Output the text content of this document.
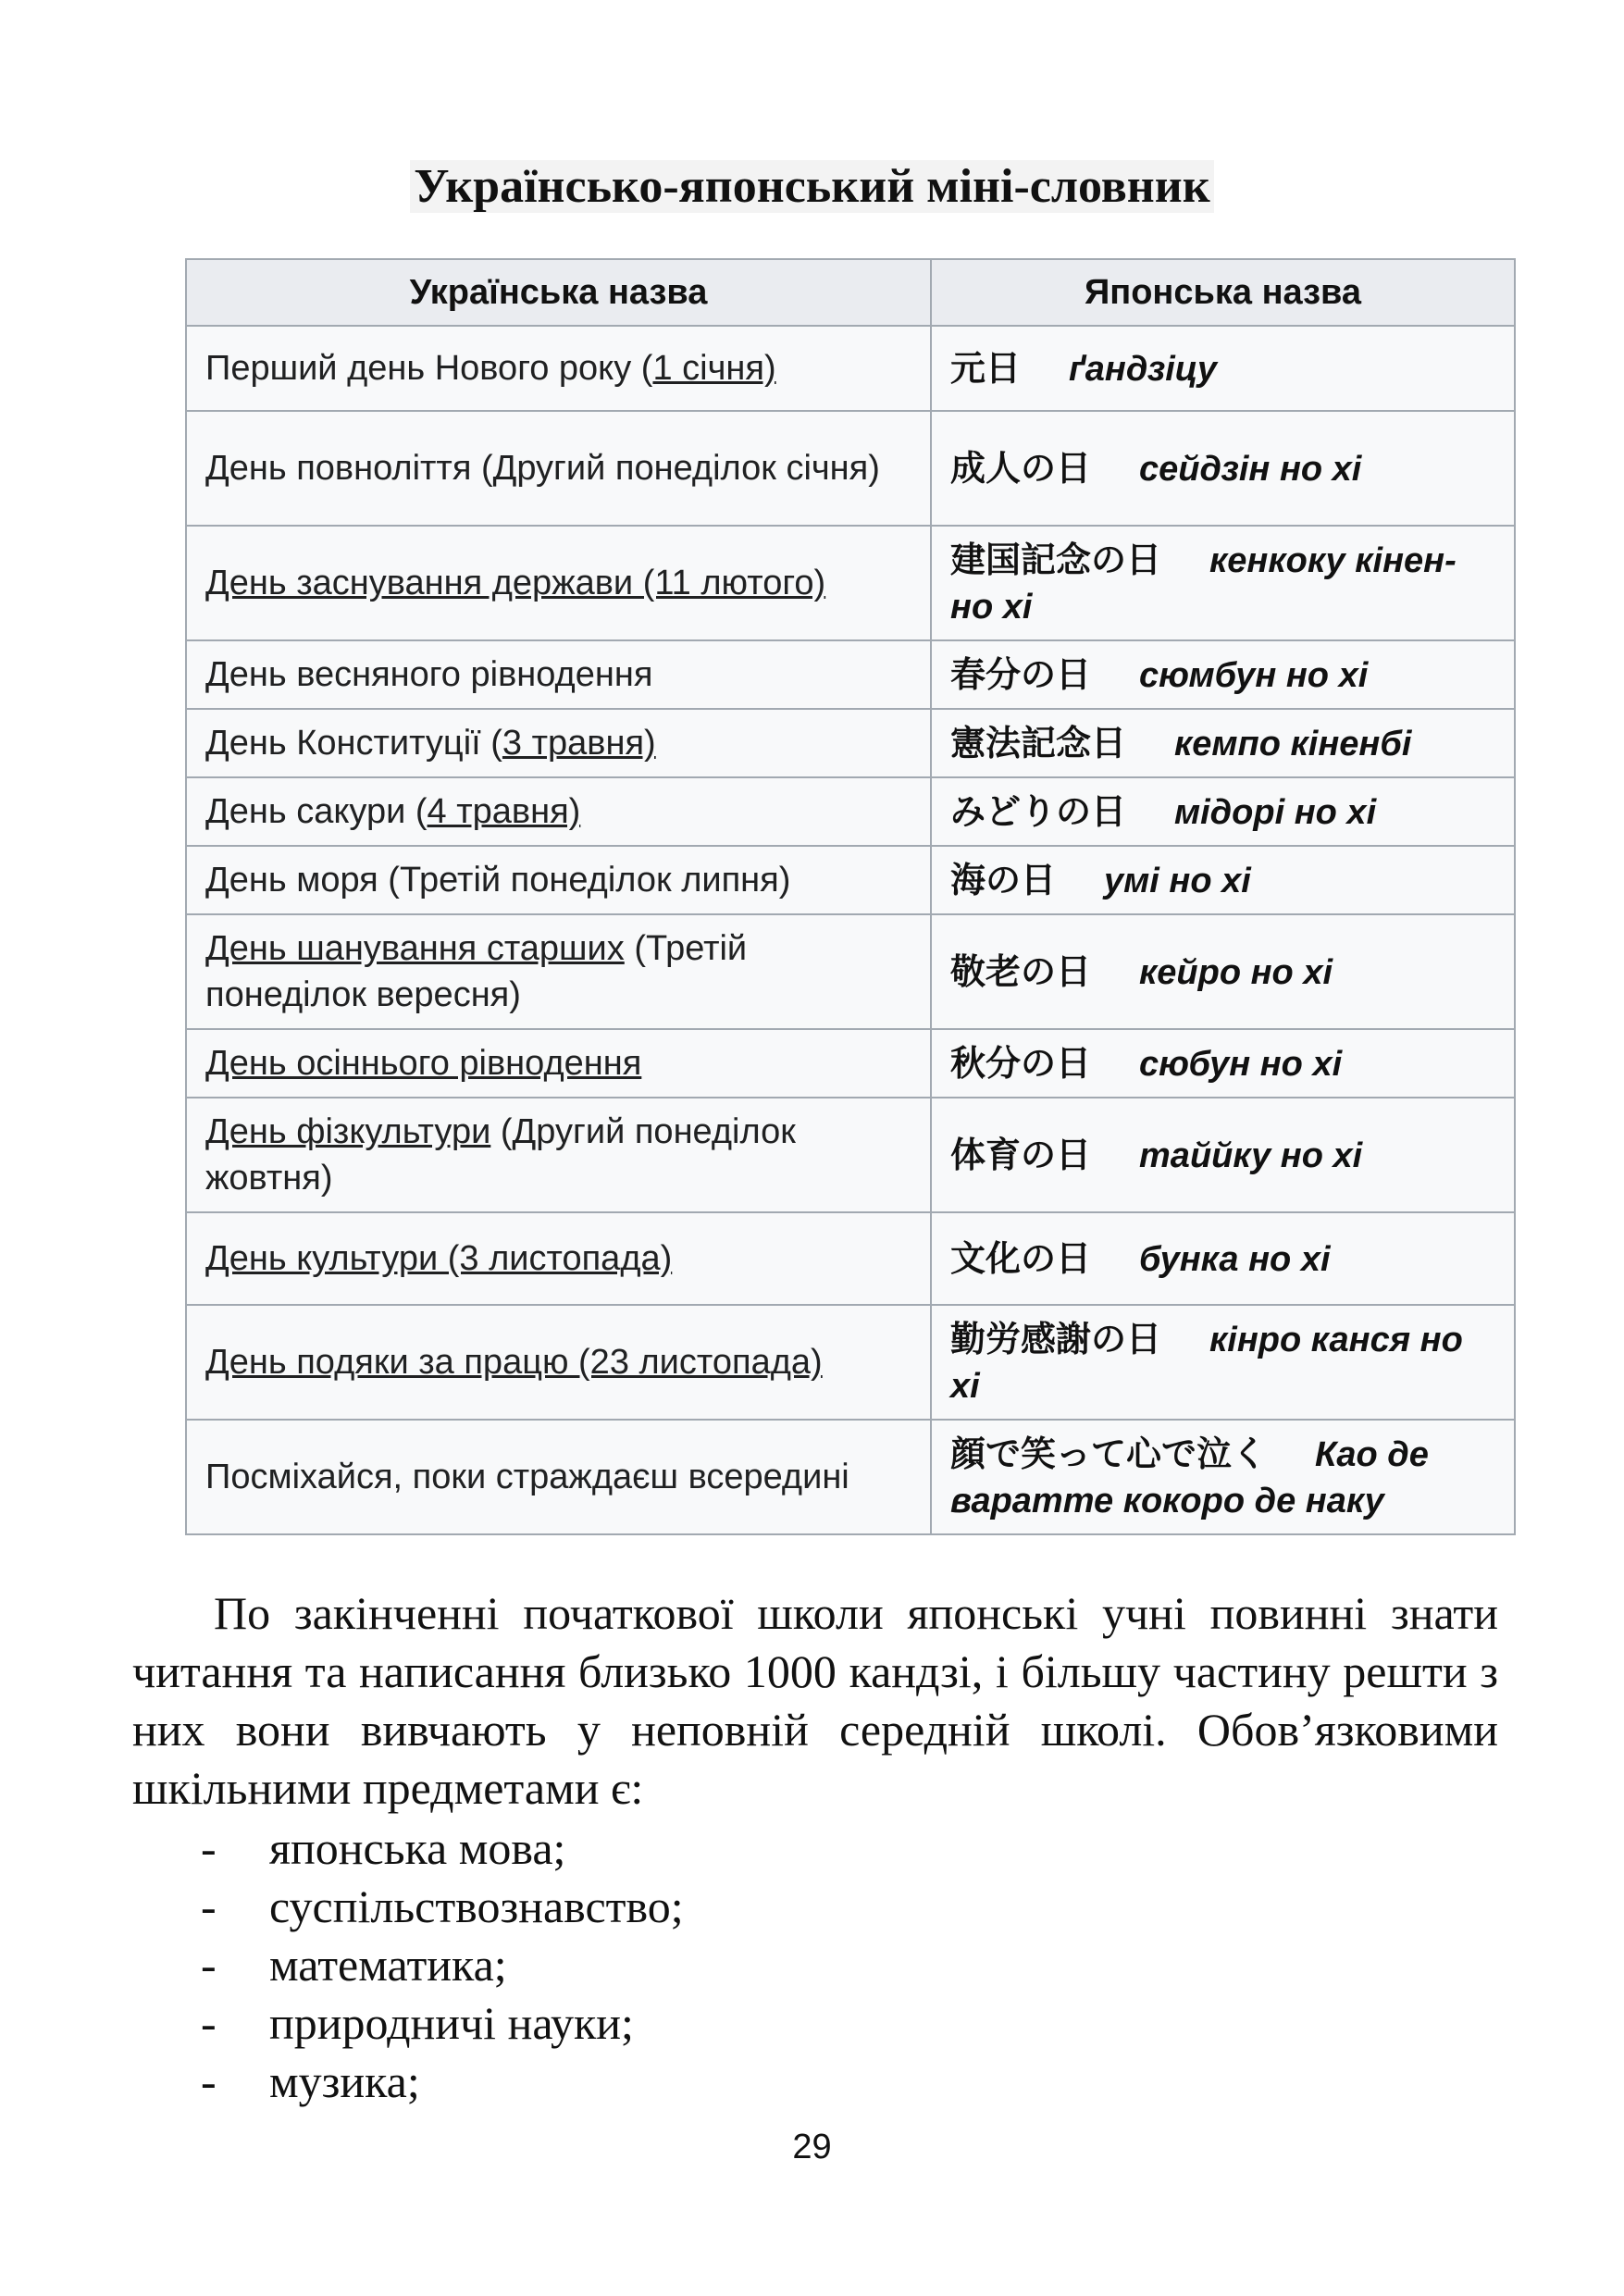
Українсько-японський міні-словник
Українська назва	Японська назва
Перший день Нового року (1 січня)	元日 ґандзіцу
День повноліття (Другий понеділок січня)	成人の日 сейдзін но хі
День заснування держави (11 лютого)	建国記念の日 кенкоку кінен-но хі
День весняного рівнодення	春分の日 сюмбун но хі
День Конституції (3 травня)	憲法記念日 кемпо кіненбі
День сакури (4 травня)	みどりの日 мідорі но хі
День моря (Третій понеділок липня)	海の日 умі но хі
День шанування старших (Третій понеділок вересня)	敬老の日 кейро но хі
День осіннього рівнодення	秋分の日 сюбун но хі
День фізкультури (Другий понеділок жовтня)	体育の日 таййку но хі
День культури (3 листопада)	文化の日 бунка но хі
День подяки за працю (23 листопада)	勤労感謝の日 кінро канся но хі
Посміхайся, поки страждаєш всередині	顔で笑って心で泣く Као де варатте кокоро де наку

По закінченні початкової школи японські учні повинні знати читання та написання близько 1000 кандзі, і більшу частину решти з них вони вивчають у неповній середній школі. Обов’язковими шкільними предметами є:

- японська мова;
- суспільствознавство;
- математика;
- природничі науки;
- музика;
29
